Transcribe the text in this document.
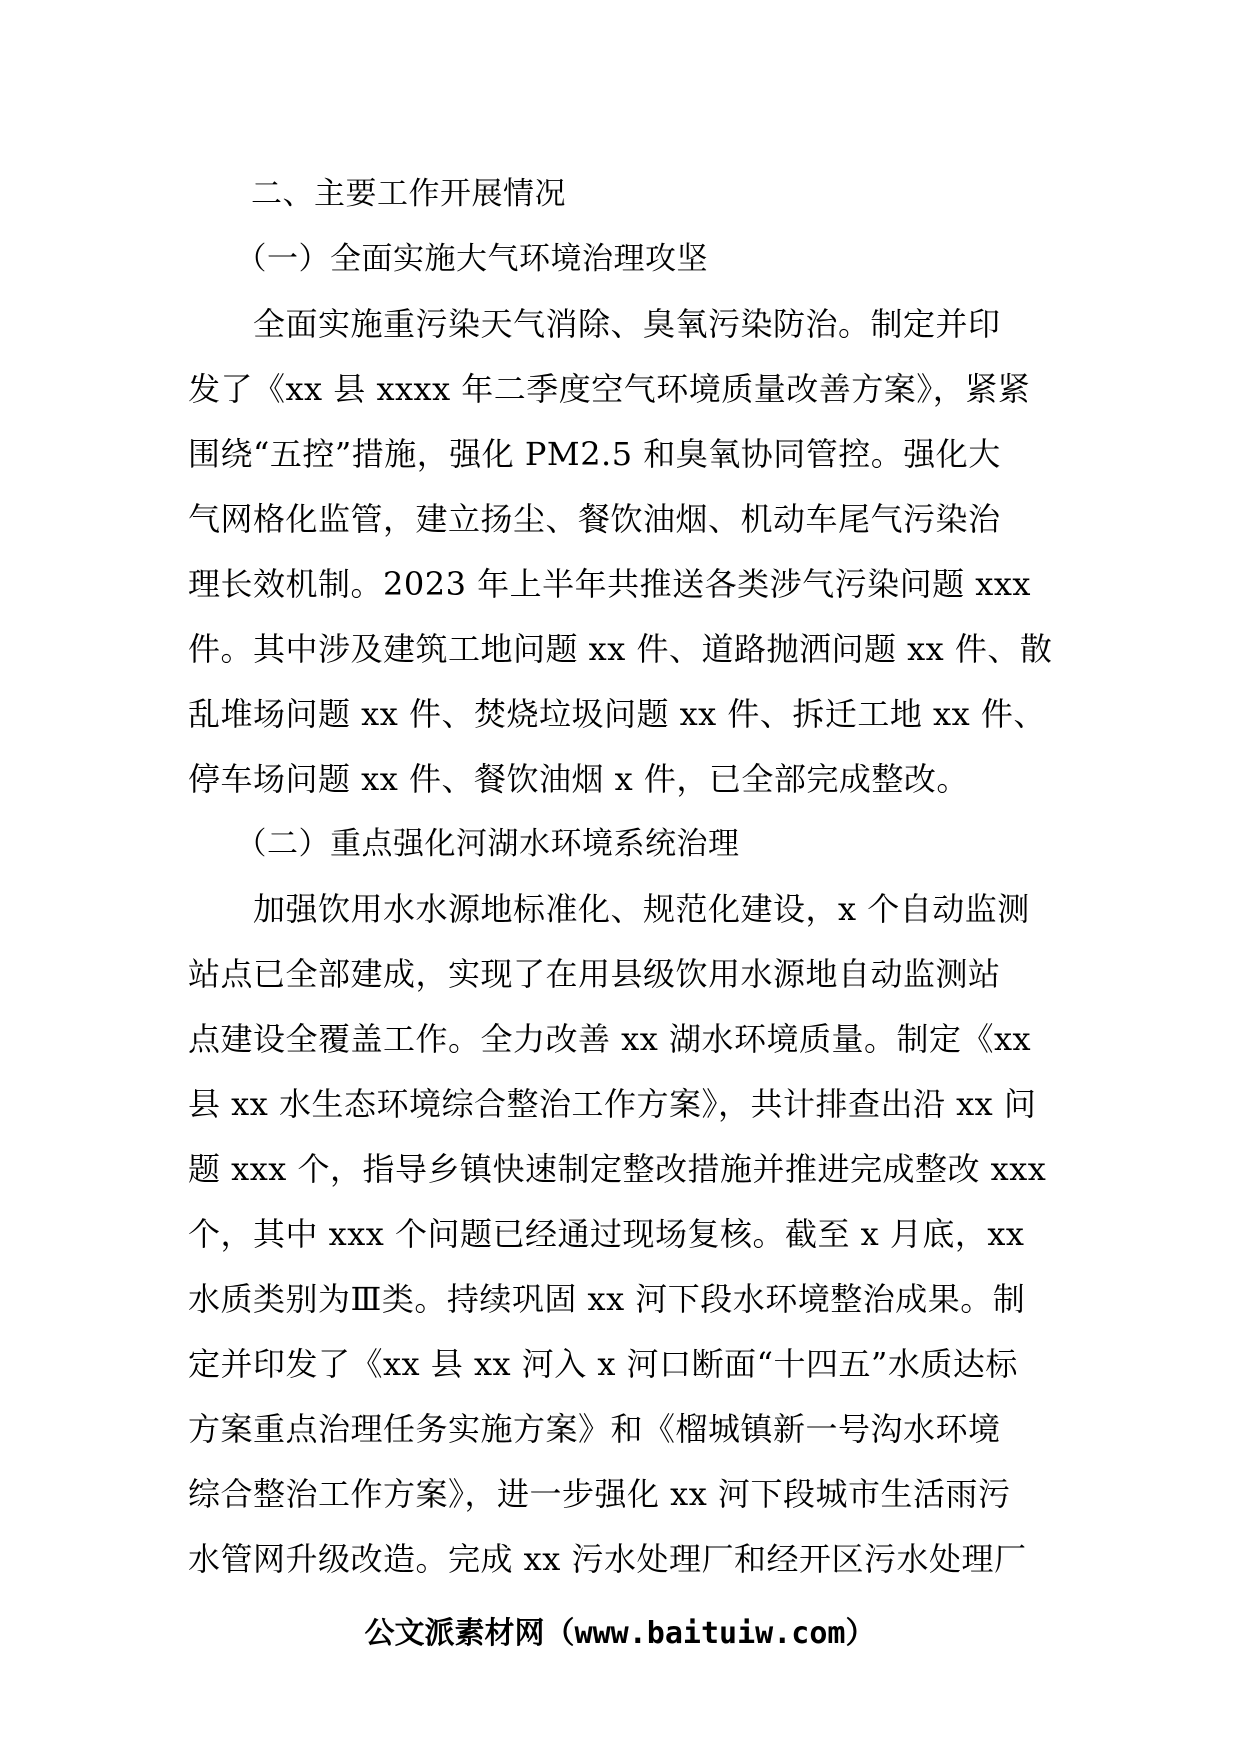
　　二、主要工作开展情况
　　（一）全面实施大气环境治理攻坚
　　全面实施重污染天气消除、臭氧污染防治。制定并印
发了《xx 县 xxxx 年二季度空气环境质量改善方案》，紧紧
围绕“五控”措施，强化 PM2.5 和臭氧协同管控。强化大
气网格化监管，建立扬尘、餐饮油烟、机动车尾气污染治
理长效机制。2023 年上半年共推送各类涉气污染问题 xxx
件。其中涉及建筑工地问题 xx 件、道路抛洒问题 xx 件、散
乱堆场问题 xx 件、焚烧垃圾问题 xx 件、拆迁工地 xx 件、
停车场问题 xx 件、餐饮油烟 x 件，已全部完成整改。
　　（二）重点强化河湖水环境系统治理
　　加强饮用水水源地标准化、规范化建设，x 个自动监测
站点已全部建成，实现了在用县级饮用水源地自动监测站
点建设全覆盖工作。全力改善 xx 湖水环境质量。制定《xx
县 xx 水生态环境综合整治工作方案》，共计排查出沿 xx 问
题 xxx 个，指导乡镇快速制定整改措施并推进完成整改 xxx
个，其中 xxx 个问题已经通过现场复核。截至 x 月底，xx
水质类别为Ⅲ类。持续巩固 xx 河下段水环境整治成果。制
定并印发了《xx 县 xx 河入 x 河口断面“十四五”水质达标
方案重点治理任务实施方案》和《榴城镇新一号沟水环境
综合整治工作方案》，进一步强化 xx 河下段城市生活雨污
水管网升级改造。完成 xx 污水处理厂和经开区污水处理厂
公文派素材网（www.baituiw.com）
